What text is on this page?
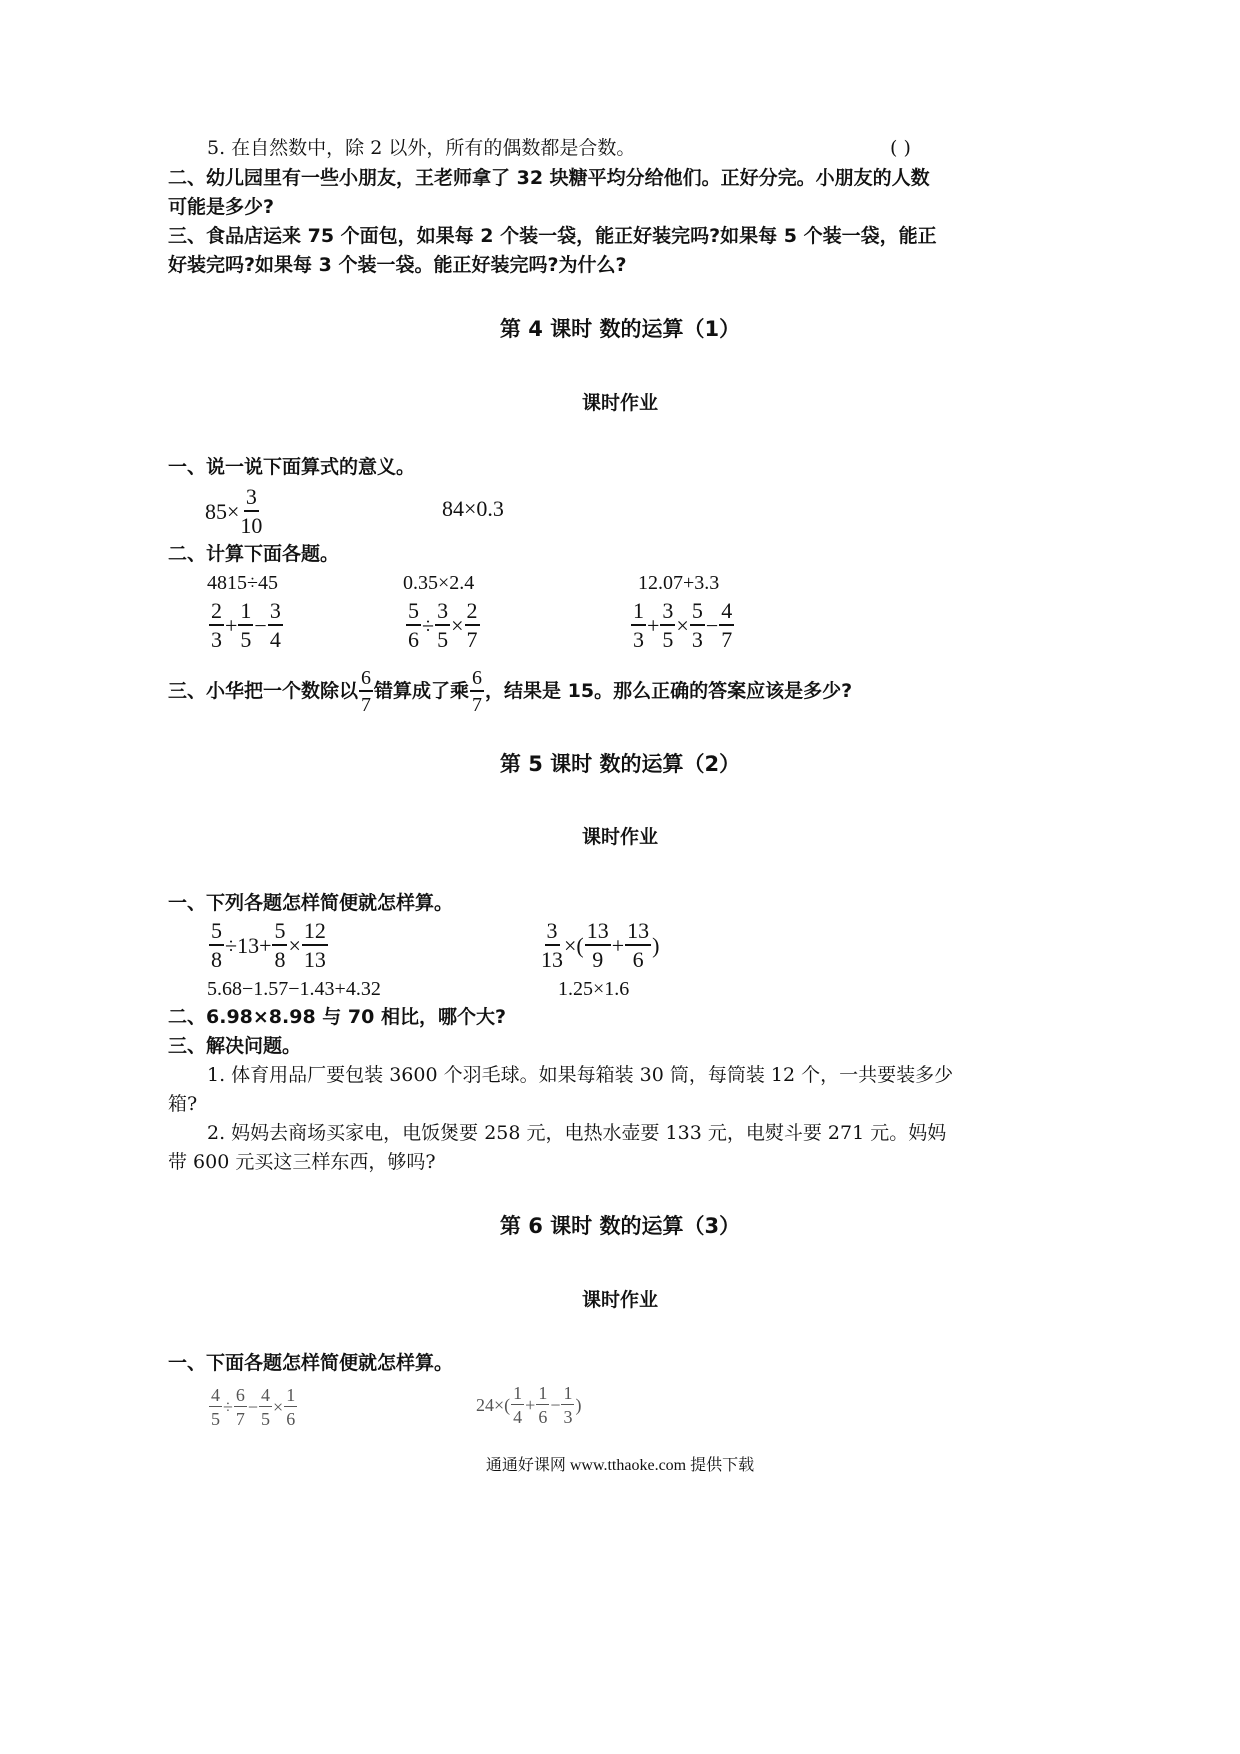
5. 在自然数中，除 2 以外，所有的偶数都是合数。	( )
二、幼儿园里有一些小朋友，王老师拿了 32 块糖平均分给他们。正好分完。小朋友的人数
可能是多少?
三、食品店运来 75 个面包，如果每 2 个装一袋，能正好装完吗?如果每 5 个装一袋，能正
好装完吗?如果每 3 个装一袋。能正好装完吗?为什么?
第 4 课时 数的运算（1）
课时作业
一、说一说下面算式的意义。
$85\times \frac{3}{10}$	84×0.3
二、计算下面各题。
4815÷45	0.35×2.4	12.07+3.3
$\frac{2}{3} + \frac{1}{5} - \frac{3}{4}$	$\frac{5}{6} \div \frac{3}{5} \times \frac{2}{7}$	$\frac{1}{3} + \frac{3}{5} \times \frac{5}{3} - \frac{4}{7}$
三、小华把一个数除以 $\frac{6}{7}$ 错算成了乘 $\frac{6}{7}$ ，结果是 15。那么正确的答案应该是多少?
第 5 课时 数的运算（2）
课时作业
一、下列各题怎样简便就怎样算。
$\frac{5}{8} \div 13+ \frac{5}{8} \times \frac{12}{13}$	$\frac{3}{13}$ ×( $\frac{13}{9} + \frac{13}{6}$ )
5.68−1.57−1.43+4.32	1.25×1.6
二、6.98×8.98 与 70 相比，哪个大?
三、解决问题。
1. 体育用品厂要包装 3600 个羽毛球。如果每箱装 30 筒，每筒装 12 个，一共要装多少
箱?
2. 妈妈去商场买家电，电饭煲要 258 元，电热水壶要 133 元，电熨斗要 271 元。妈妈
带 600 元买这三样东西，够吗?
第 6 课时 数的运算（3）
课时作业
一、下面各题怎样简便就怎样算。
$\frac{4}{5} \div \frac{6}{7} - \frac{4}{5} \times \frac{1}{6}$	$24\times( \frac{1}{4} + \frac{1}{6} - \frac{1}{3}$ )
通通好课网 www.tthaoke.com 提供下载
